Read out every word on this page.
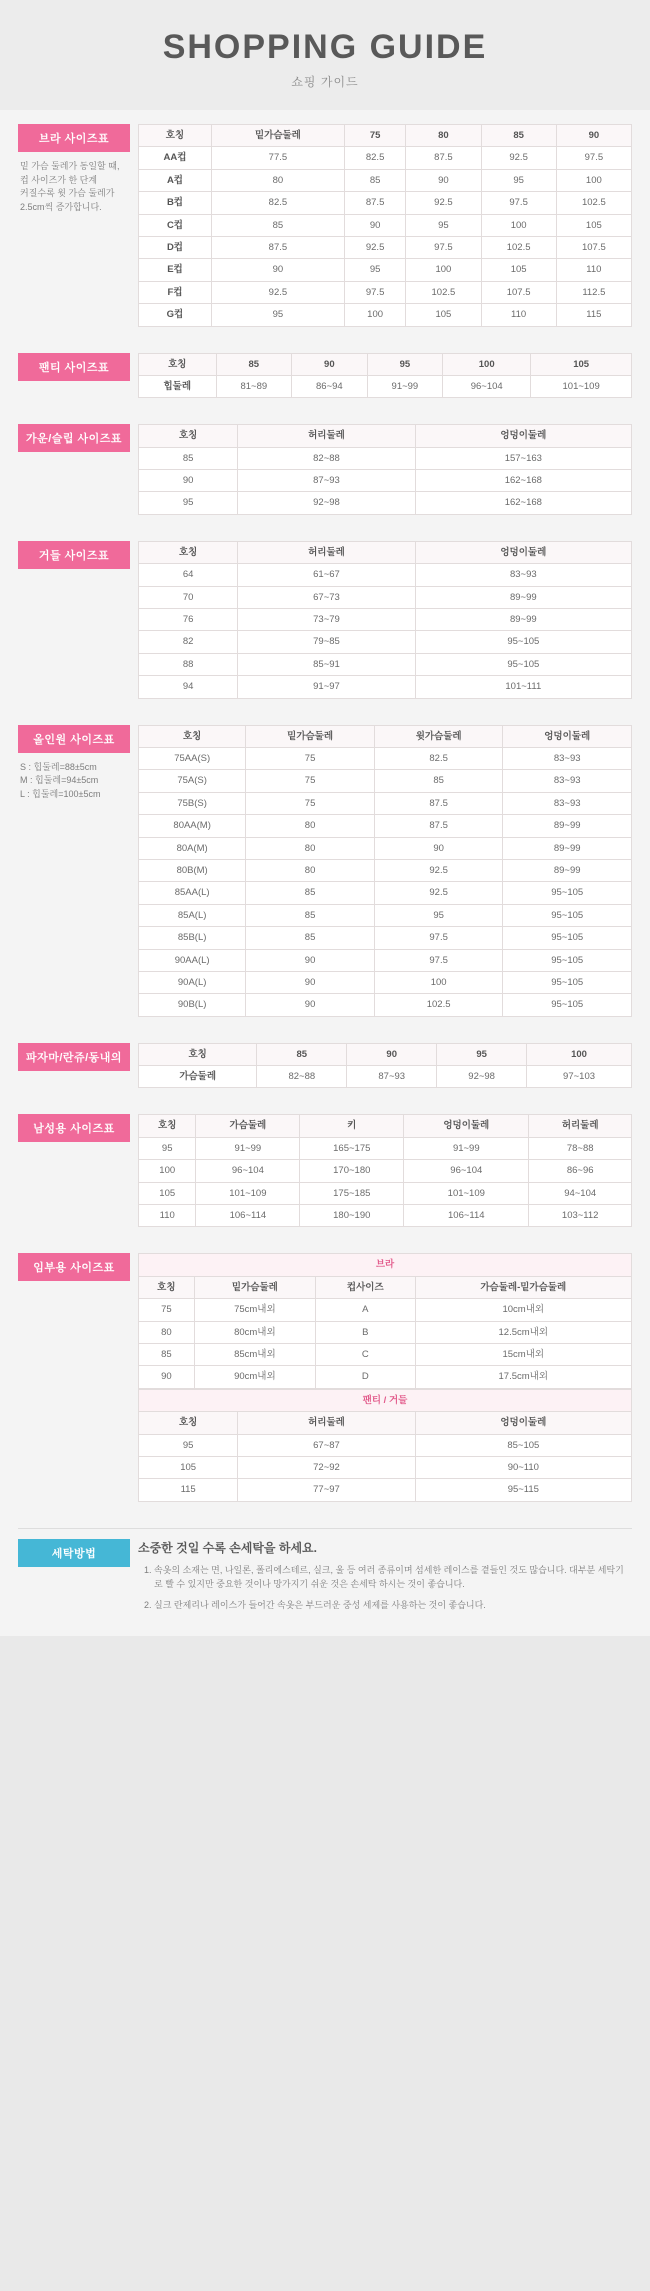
SHOPPING GUIDE
쇼핑 가이드
브라 사이즈표
밑 가슴 둘레가 동일할 때,
컵 사이즈가 한 단계
커질수록 윗 가슴 둘레가
2.5cm씩 증가합니다.
호칭	밑가슴둘레	75	80	85	90
AA컵	77.5	82.5	87.5	92.5	97.5
A컵	80	85	90	95	100
B컵	82.5	87.5	92.5	97.5	102.5
C컵	85	90	95	100	105
D컵	87.5	92.5	97.5	102.5	107.5
E컵	90	95	100	105	110
F컵	92.5	97.5	102.5	107.5	112.5
G컵	95	100	105	110	115
팬티 사이즈표	호칭	85	90	95	100	105
힙둘레	81~89	86~94	91~99	96~104	101~109
가운/슬립 사이즈표	호칭	허리둘레	엉덩이둘레
85	82~88	157~163
90	87~93	162~168
95	92~98	162~168
거들 사이즈표	호칭	허리둘레	엉덩이둘레
64	61~67	83~93
70	67~73	89~99
76	73~79	89~99
82	79~85	95~105
88	85~91	95~105
94	91~97	101~111
올인원 사이즈표
S : 힙둘레=88±5cm
M : 힙둘레=94±5cm
L : 힙둘레=100±5cm
호칭	밑가슴둘레	윗가슴둘레	엉덩이둘레
75AA(S)	75	82.5	83~93
75A(S)	75	85	83~93
75B(S)	75	87.5	83~93
80AA(M)	80	87.5	89~99
80A(M)	80	90	89~99
80B(M)	80	92.5	89~99
85AA(L)	85	92.5	95~105
85A(L)	85	95	95~105
85B(L)	85	97.5	95~105
90AA(L)	90	97.5	95~105
90A(L)	90	100	95~105
90B(L)	90	102.5	95~105
파자마/란쥬/동내의	호칭	85	90	95	100
가슴둘레	82~88	87~93	92~98	97~103
남성용 사이즈표	호칭	가슴둘레	키	엉덩이둘레	허리둘레
95	91~99	165~175	91~99	78~88
100	96~104	170~180	96~104	86~96
105	101~109	175~185	101~109	94~104
110	106~114	180~190	106~114	103~112
임부용 사이즈표	브라			
호칭	밑가슴둘레	컵사이즈	가슴둘레-밑가슴둘레
75	75cm내외	A	10cm내외
80	80cm내외	B	12.5cm내외
85	85cm내외	C	15cm내외
90	90cm내외	D	17.5cm내외
팬티 / 거들		
호칭	허리둘레	엉덩이둘레
95	67~87	85~105
105	72~92	90~110
115	77~97	95~115
세탁방법	소중한 것일 수록 손세탁을 하세요.
1. 속옷의 소재는 면, 나일론, 폴리에스테르, 실크, 울 등 여러 종류이며 섬세한 레이스를 곁들인 것도 많습니다. 대부분 세탁기로 빨 수 있지만 중요한 것이나 망가지기 쉬운 것은 손세탁 하시는 것이 좋습니다.
2. 실크 란제리나 레이스가 들어간 속옷은 부드러운 중성 세제를 사용하는 것이 좋습니다.
